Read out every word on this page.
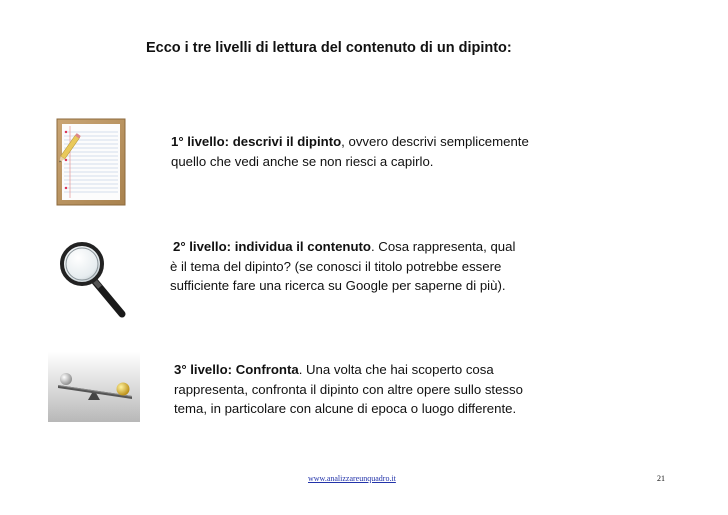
Ecco i tre livelli di lettura del contenuto di un dipinto:
1° livello: descrivi il dipinto, ovvero descrivi semplicemente
quello che vedi anche se non riesci a capirlo.
2° livello: individua il contenuto. Cosa rappresenta, qual
è il tema del dipinto? (se conosci il titolo potrebbe essere
sufficiente fare una ricerca su Google per saperne di più).
3° livello: Confronta. Una volta che hai scoperto cosa
rappresenta, confronta il dipinto con altre opere sullo stesso
tema, in particolare con alcune di epoca o luogo differente.
www.analizzareunquadro.it	21
